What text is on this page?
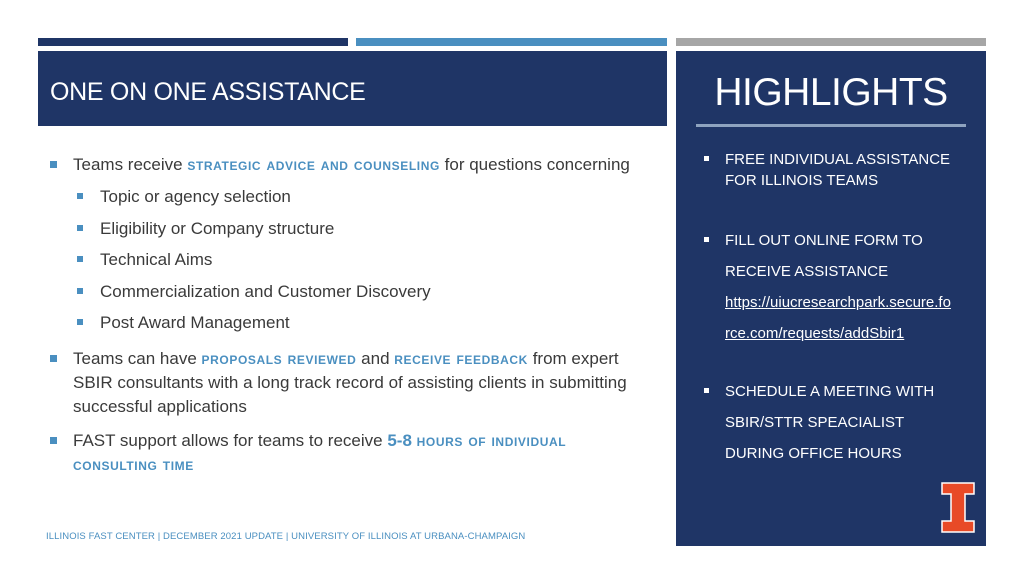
ONE ON ONE ASSISTANCE
Teams receive strategic advice and counseling for questions concerning
Topic or agency selection
Eligibility or Company structure
Technical Aims
Commercialization and Customer Discovery
Post Award Management
Teams can have proposals reviewed and receive feedback from expert SBIR consultants with a long track record of assisting clients in submitting successful applications
FAST support allows for teams to receive 5-8 hours of individual consulting time
HIGHLIGHTS
FREE INDIVIDUAL ASSISTANCE FOR ILLINOIS TEAMS
FILL OUT ONLINE FORM TO
RECEIVE ASSISTANCE
https://uiucresearchpark.secure.fo
rce.com/requests/addSbir1
SCHEDULE A MEETING WITH
SBIR/STTR SPEACIALIST
DURING OFFICE HOURS
ILLINOIS FAST CENTER | DECEMBER 2021 UPDATE | UNIVERSITY OF ILLINOIS AT URBANA-CHAMPAIGN
